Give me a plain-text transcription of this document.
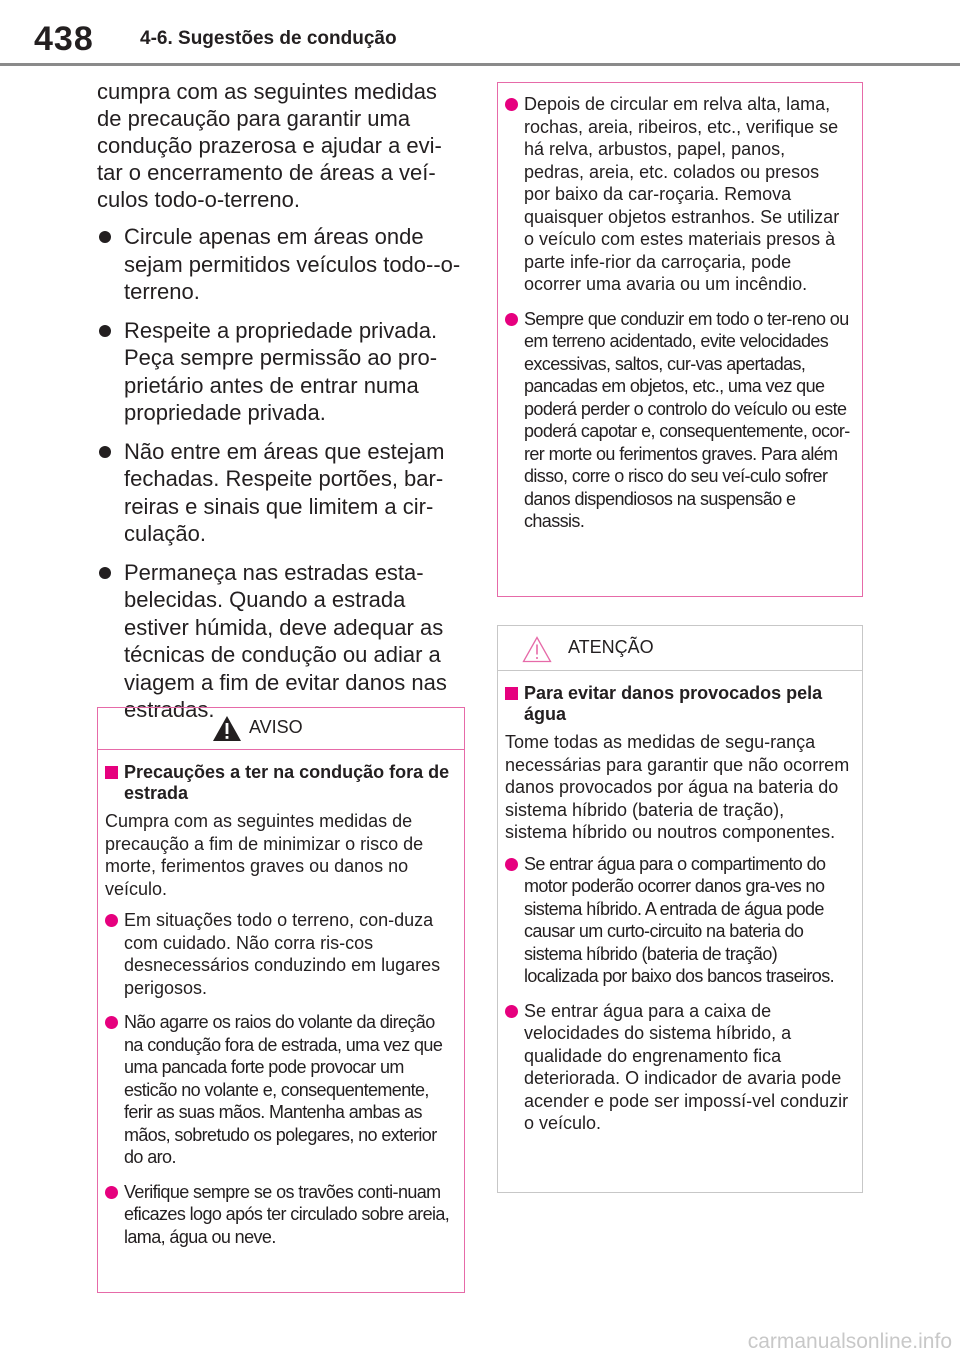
438 4-6. Sugestões de condução

cumpra com as seguintes medidas de precaução para garantir uma condução prazerosa e ajudar a evi-tar o encerramento de áreas a veí-culos todo-o-terreno.

Circule apenas em áreas onde sejam permitidos veículos todo--o-terreno.
Respeite a propriedade privada. Peça sempre permissão ao pro-prietário antes de entrar numa propriedade privada.
Não entre em áreas que estejam fechadas. Respeite portões, bar-reiras e sinais que limitem a cir-culação.
Permaneça nas estradas esta-belecidas. Quando a estrada estiver húmida, deve adequar as técnicas de condução ou adiar a viagem a fim de evitar danos nas estradas.
AVISO
Precauções a ter na condução fora de estrada

Cumpra com as seguintes medidas de precaução a fim de minimizar o risco de morte, ferimentos graves ou danos no veículo.

Em situações todo o terreno, con-duza com cuidado. Não corra ris-cos desnecessários conduzindo em lugares perigosos.
Não agarre os raios do volante da direção na condução fora de estrada, uma vez que uma pancada forte pode provocar um esticão no volante e, consequentemente, ferir as suas mãos. Mantenha ambas as mãos, sobretudo os polegares, no exterior do aro.
Verifique sempre se os travões conti-nuam eficazes logo após ter circulado sobre areia, lama, água ou neve.
Depois de circular em relva alta, lama, rochas, areia, ribeiros, etc., verifique se há relva, arbustos, papel, panos, pedras, areia, etc. colados ou presos por baixo da car-roçaria. Remova quaisquer objetos estranhos. Se utilizar o veículo com estes materiais presos à parte infe-rior da carroçaria, pode ocorrer uma avaria ou um incêndio.
Sempre que conduzir em todo o ter-reno ou em terreno acidentado, evite velocidades excessivas, saltos, cur-vas apertadas, pancadas em objetos, etc., uma vez que poderá perder o controlo do veículo ou este poderá capotar e, consequentemente, ocor-rer morte ou ferimentos graves. Para além disso, corre o risco do seu veí-culo sofrer danos dispendiosos na suspensão e chassis.
ATENÇÃO
Para evitar danos provocados pela água

Tome todas as medidas de segu-rança necessárias para garantir que não ocorrem danos provocados por água na bateria do sistema híbrido (bateria de tração), sistema híbrido ou noutros componentes.

Se entrar água para o compartimento do motor poderão ocorrer danos gra-ves no sistema híbrido. A entrada de água pode causar um curto-circuito na bateria do sistema híbrido (bateria de tração) localizada por baixo dos bancos traseiros.
Se entrar água para a caixa de velocidades do sistema híbrido, a qualidade do engrenamento fica deteriorada. O indicador de avaria pode acender e pode ser impossí-vel conduzir o veículo.
carmanualsonline.info
